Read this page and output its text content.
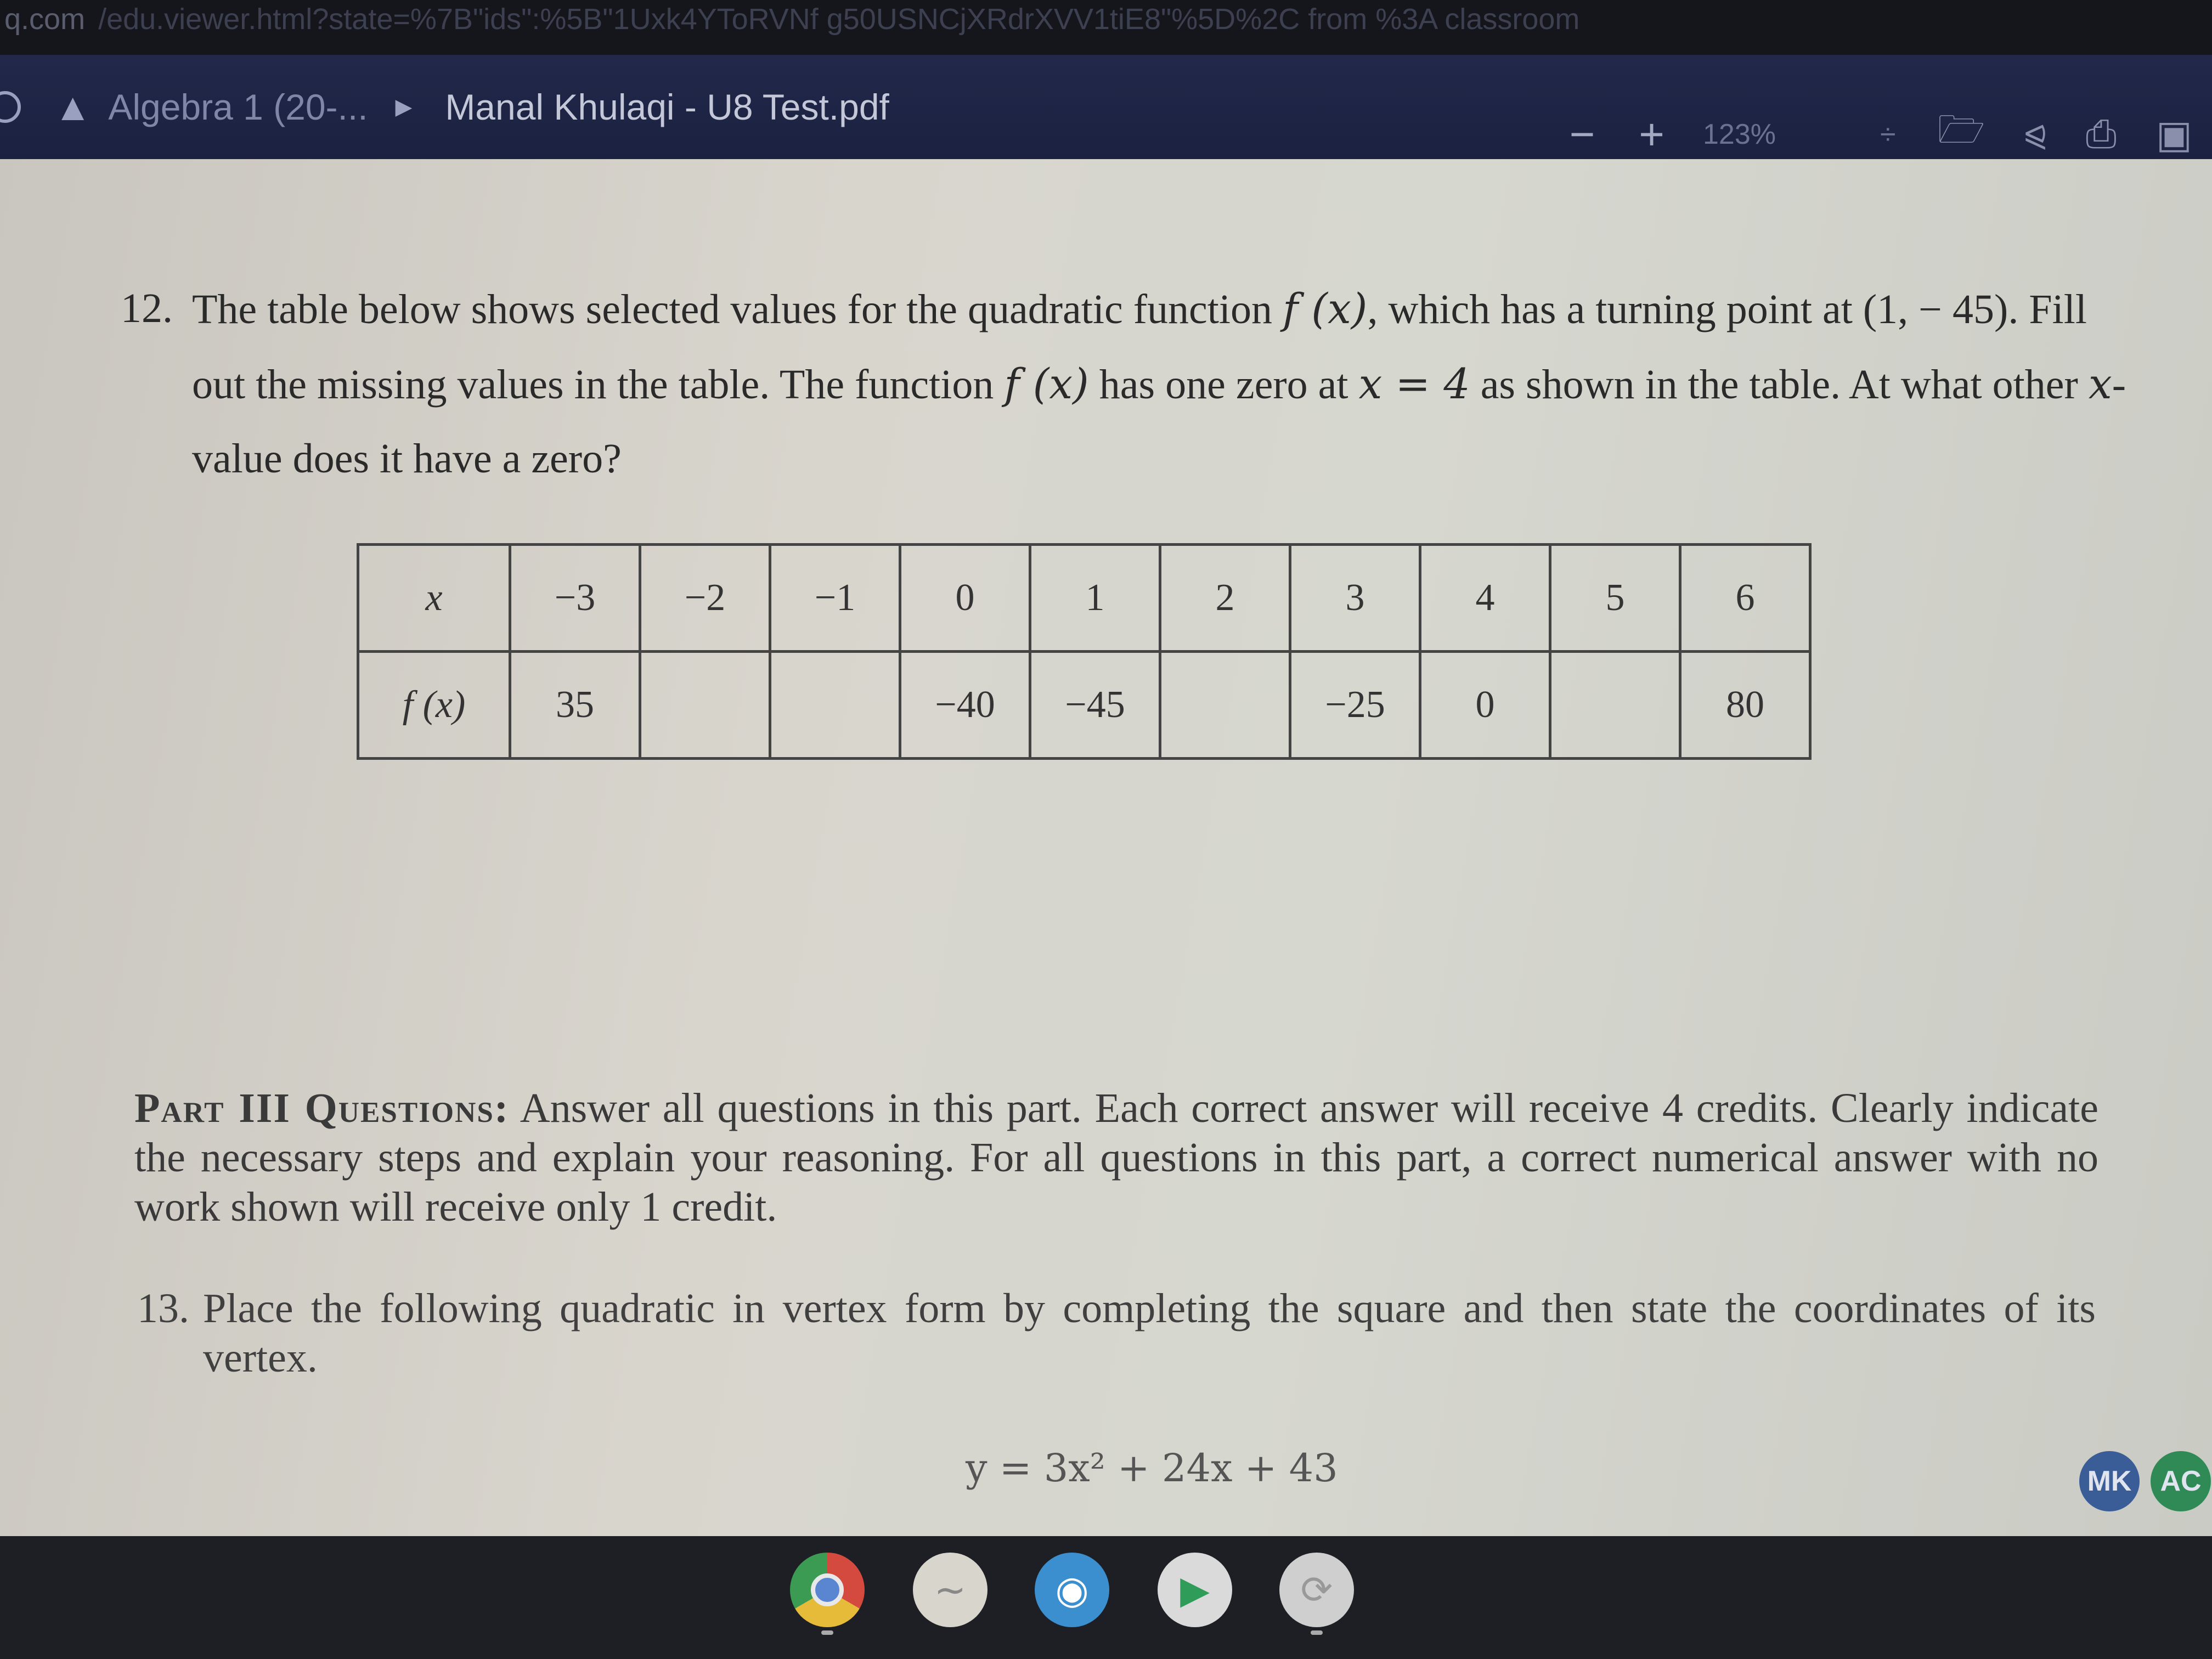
q.com /edu.viewer.html?state=%7B"ids":%5B"1Uxk4YToRVNf g50USNCjXRdrXVV1tiE8"%5D%2C from %3A classroom
▲ Algebra 1 (20-... ▶ Manal Khulaqi - U8 Test.pdf
− + 123%	÷ 🗁 ⪨ ⎙ ▣
12. The table below shows selected values for the quadratic function f (x), which has a turning point at (1, − 45). Fill out the missing values in the table. The function f (x) has one zero at x = 4 as shown in the table. At what other x-value does it have a zero?
x	−3	−2	−1	0	1	2	3	4	5	6
f (x)	35			−40	−45		−25	0		80
Part III Questions: Answer all questions in this part. Each correct answer will receive 4 credits. Clearly indicate the necessary steps and explain your reasoning. For all questions in this part, a correct numerical answer with no work shown will receive only 1 credit.
13. Place the following quadratic in vertex form by completing the square and then state the coordinates of its vertex.
y = 3x² + 24x + 43	MK	AC
∼	◉	▶	⟳
